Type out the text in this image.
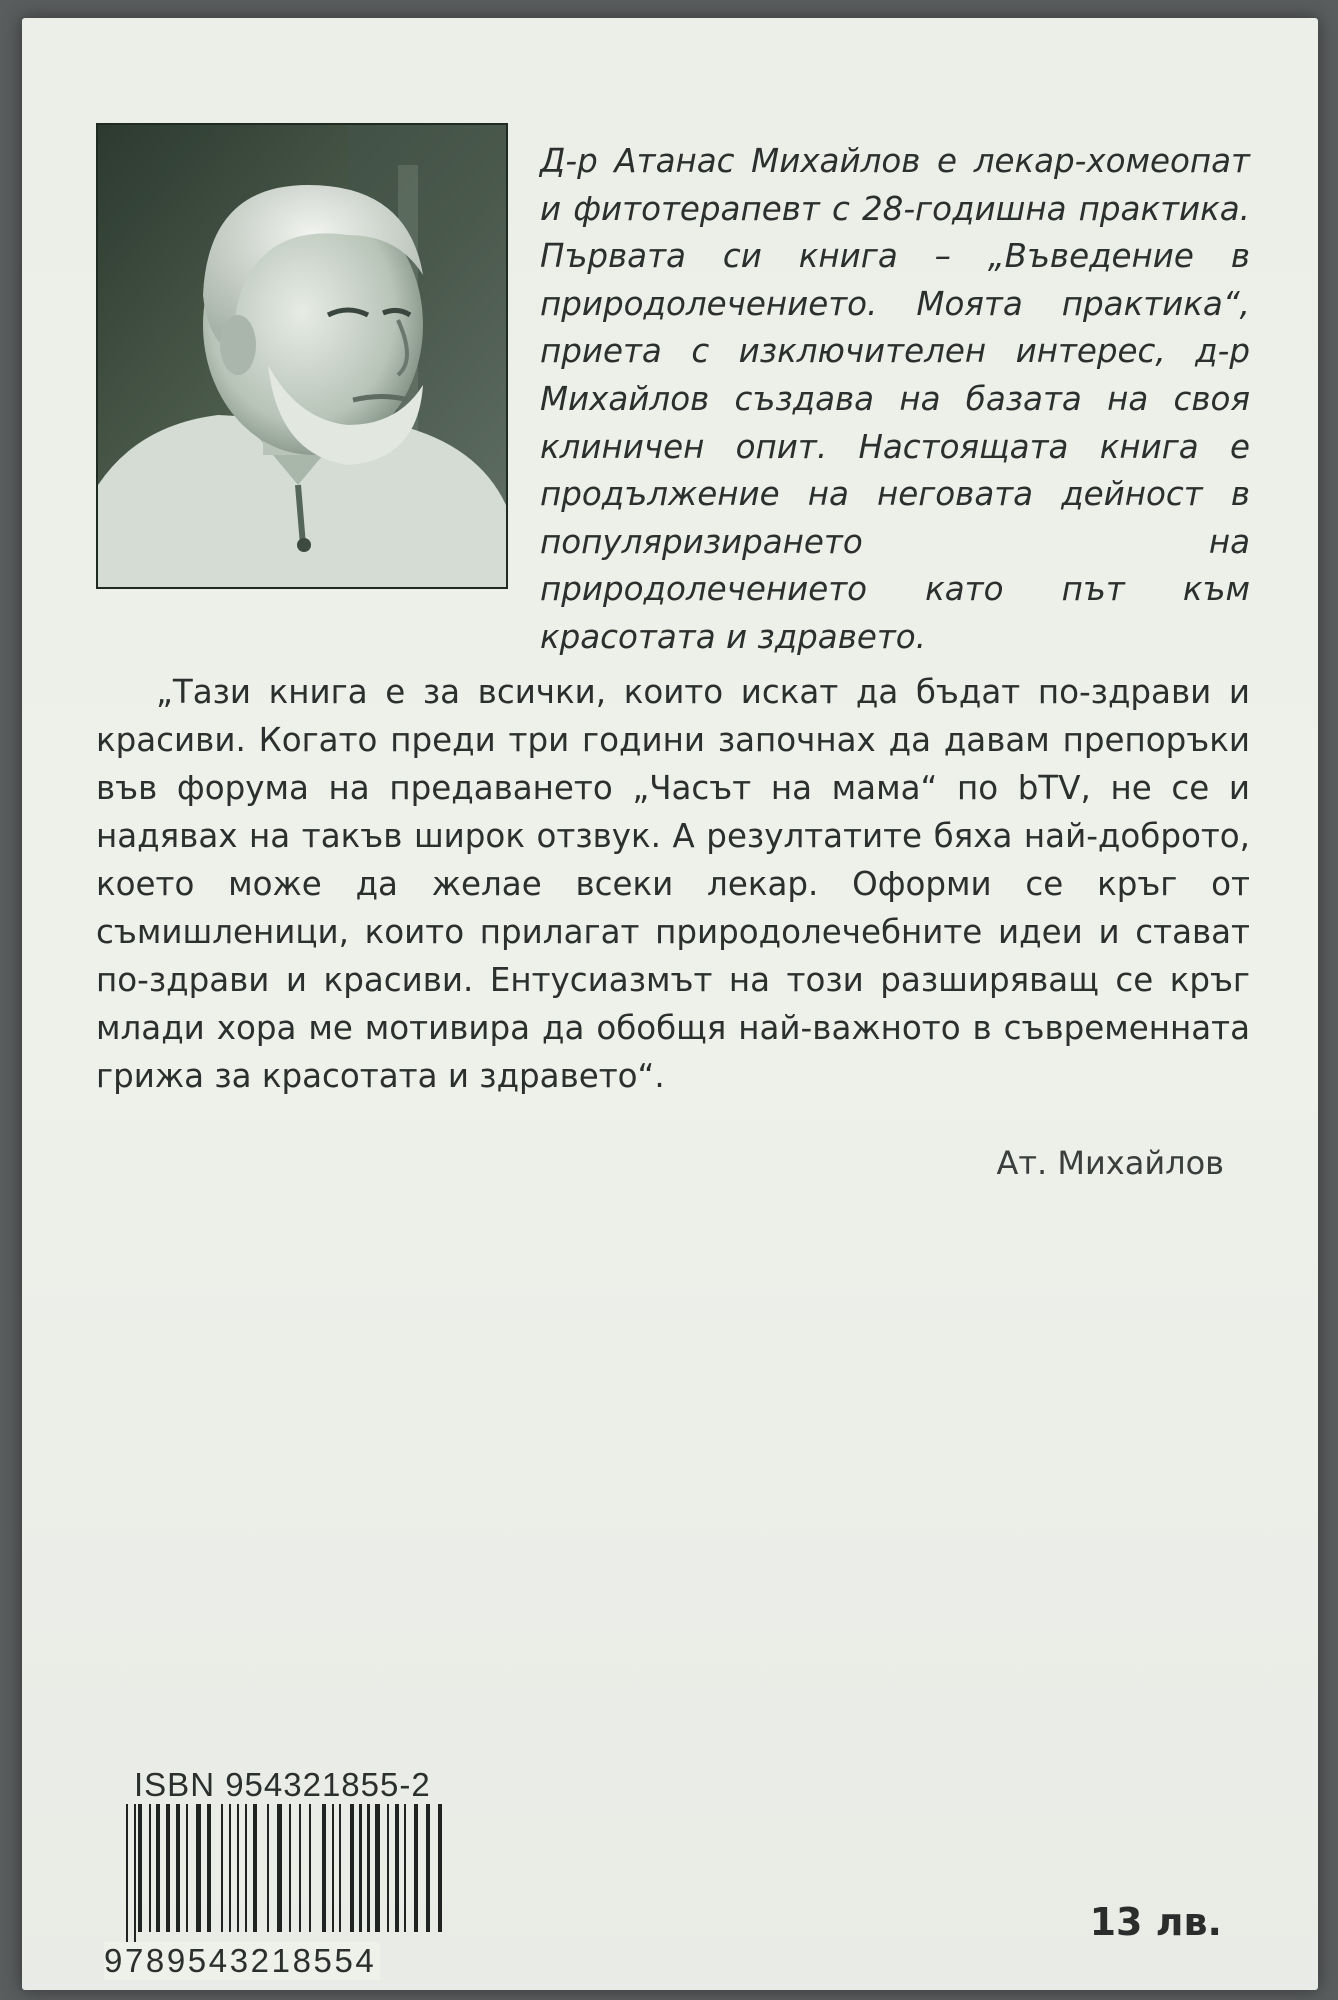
Д-р Атанас Михайлов е лекар-хомеопат и фитотерапевт с 28-годишна практика. Първата си книга – „Въведение в природолечението. Моята практика“, приета с изключителен интерес, д-р Михайлов създава на базата на своя клиничен опит. Настоящата книга е продължение на неговата дейност в популяризирането на природолечението като път към красотата и здравето.
„Тази книга е за всички, които искат да бъдат по-здрави и красиви. Когато преди три години започнах да давам препоръки във форума на предаването „Часът на мама“ по bTV, не се и надявах на такъв широк отзвук. А резултатите бяха най-доброто, което може да желае всеки лекар. Оформи се кръг от съмишленици, които прилагат природолечебните идеи и стават по-здрави и красиви. Ентусиазмът на този разширяващ се кръг млади хора ме мотивира да обобщя най-важното в съвременната грижа за красотата и здравето“.
Ат. Михайлов
ISBN 954321855-2
9789543218554
13 лв.
